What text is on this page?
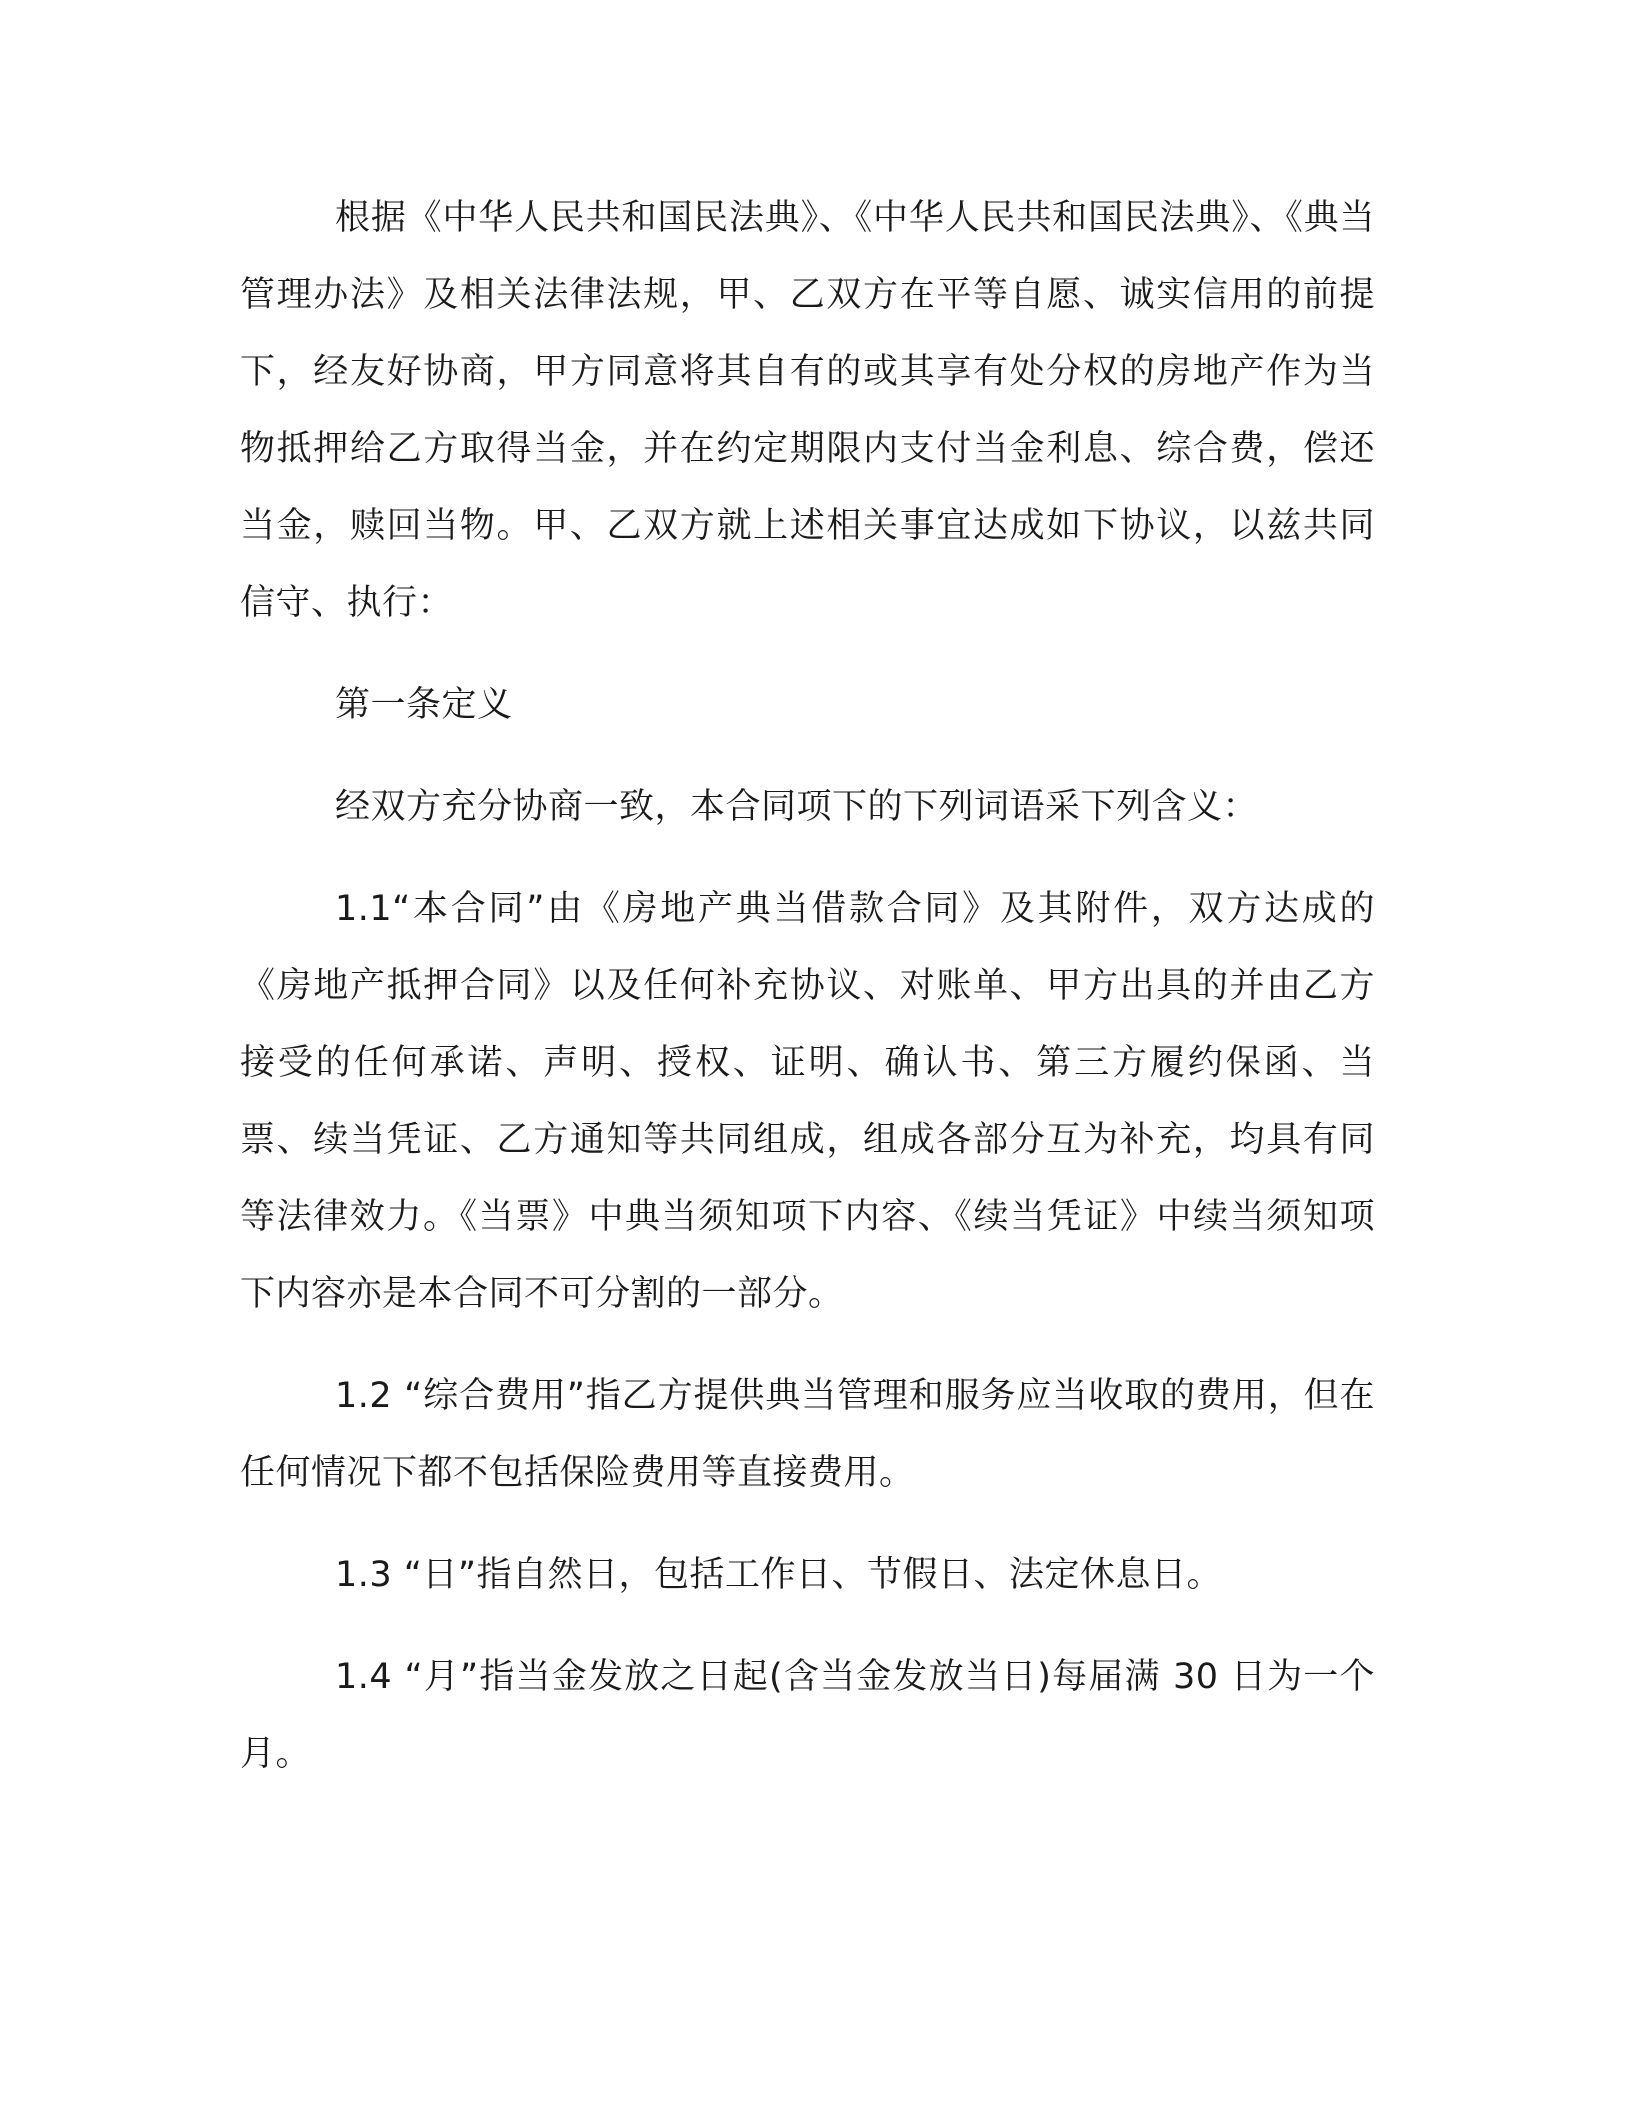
根据《中华人民共和国民法典》、《中华人民共和国民法典》、《典当管理办法》及相关法律法规，甲、乙双方在平等自愿、诚实信用的前提下，经友好协商，甲方同意将其自有的或其享有处分权的房地产作为当物抵押给乙方取得当金，并在约定期限内支付当金利息、综合费，偿还当金，赎回当物。甲、乙双方就上述相关事宜达成如下协议，以兹共同信守、执行：

第一条定义

经双方充分协商一致，本合同项下的下列词语采下列含义：

1.1“本合同”由《房地产典当借款合同》及其附件，双方达成的《房地产抵押合同》以及任何补充协议、对账单、甲方出具的并由乙方接受的任何承诺、声明、授权、证明、确认书、第三方履约保函、当票、续当凭证、乙方通知等共同组成，组成各部分互为补充，均具有同等法律效力。《当票》中典当须知项下内容、《续当凭证》中续当须知项下内容亦是本合同不可分割的一部分。

1.2 “综合费用”指乙方提供典当管理和服务应当收取的费用，但在任何情况下都不包括保险费用等直接费用。

1.3 “日”指自然日，包括工作日、节假日、法定休息日。

1.4 “月”指当金发放之日起(含当金发放当日)每届满 30 日为一个月。
